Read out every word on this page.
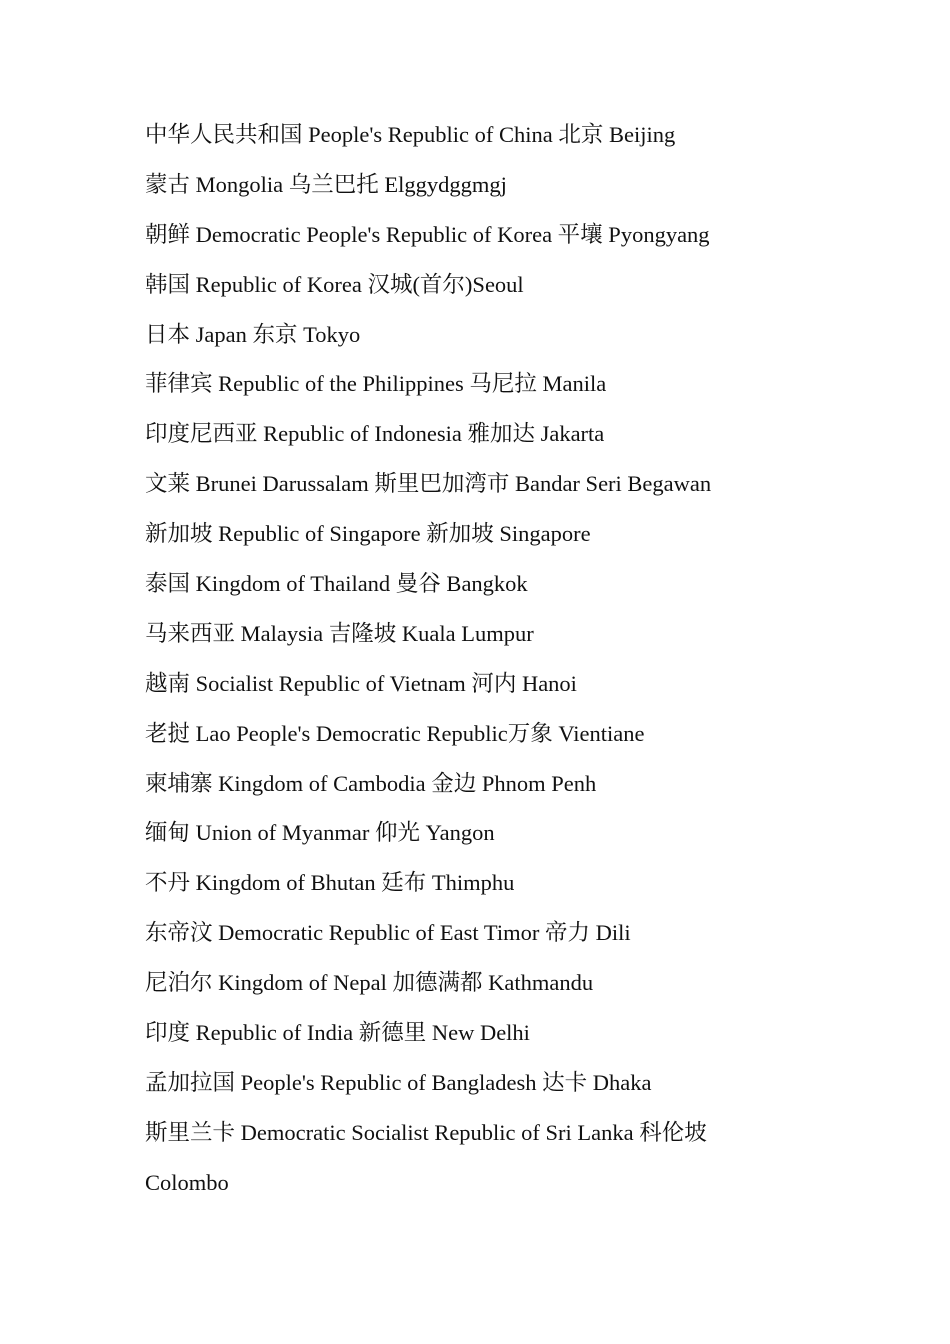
中华人民共和国 People's Republic of China 北京 Beijing
蒙古 Mongolia 乌兰巴托 Elggydggmgj
朝鲜 Democratic People's Republic of Korea 平壤 Pyongyang
韩国 Republic of Korea 汉城(首尔)Seoul
日本 Japan 东京 Tokyo
菲律宾 Republic of the Philippines 马尼拉 Manila
印度尼西亚 Republic of Indonesia 雅加达 Jakarta
文莱 Brunei Darussalam 斯里巴加湾市 Bandar Seri Begawan
新加坡 Republic of Singapore 新加坡 Singapore
泰国 Kingdom of Thailand 曼谷 Bangkok
马来西亚 Malaysia 吉隆坡 Kuala Lumpur
越南 Socialist Republic of Vietnam 河内 Hanoi
老挝 Lao People's Democratic Republic万象 Vientiane
柬埔寨 Kingdom of Cambodia 金边 Phnom Penh
缅甸 Union of Myanmar 仰光 Yangon
不丹 Kingdom of Bhutan 廷布 Thimphu
东帝汶 Democratic Republic of East Timor 帝力 Dili
尼泊尔 Kingdom of Nepal 加德满都 Kathmandu
印度 Republic of India 新德里 New Delhi
孟加拉国 People's Republic of Bangladesh 达卡 Dhaka
斯里兰卡 Democratic Socialist Republic of Sri Lanka 科伦坡
Colombo
